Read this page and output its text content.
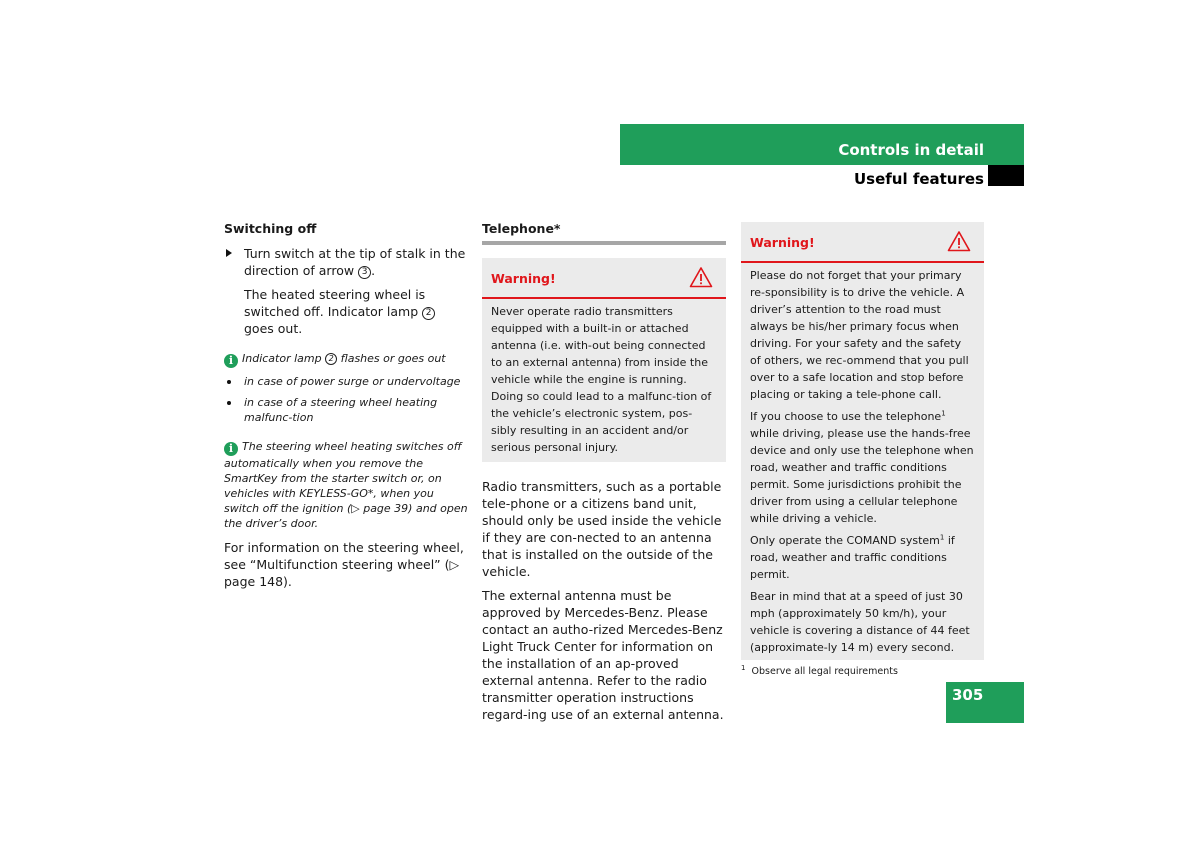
Controls in detail
Useful features
Switching off
Turn switch at the tip of stalk in the direction of arrow 3 .
The heated steering wheel is switched off. Indicator lamp 2 goes out.
i Indicator lamp 2 flashes or goes out
in case of power surge or undervoltage
in case of a steering wheel heating malfunc-tion
i The steering wheel heating switches off automatically when you remove the SmartKey from the starter switch or, on vehicles with KEYLESS-GO*, when you switch off the ignition (▷ page 39) and open the driver’s door.
For information on the steering wheel, see “Multifunction steering wheel” (▷ page 148).
Telephone*
Warning!
Never operate radio transmitters equipped with a built-in or attached antenna (i.e. with-out being connected to an external antenna) from inside the vehicle while the engine is running. Doing so could lead to a malfunc-tion of the vehicle’s electronic system, pos-sibly resulting in an accident and/or serious personal injury.
Radio transmitters, such as a portable tele-phone or a citizens band unit, should only be used inside the vehicle if they are con-nected to an antenna that is installed on the outside of the vehicle.
The external antenna must be approved by Mercedes-Benz. Please contact an autho-rized Mercedes-Benz Light Truck Center for information on the installation of an ap-proved external antenna. Refer to the radio transmitter operation instructions regard-ing use of an external antenna.
Warning!

Please do not forget that your primary re-sponsibility is to drive the vehicle. A driver’s attention to the road must always be his/her primary focus when driving. For your safety and the safety of others, we rec-ommend that you pull over to a safe location and stop before placing or taking a tele-phone call.

If you choose to use the telephone$^1$ while driving, please use the hands-free device and only use the telephone when road, weather and traffic conditions permit. Some jurisdictions prohibit the driver from using a cellular telephone while driving a vehicle.

Only operate the COMAND system$^1$ if road, weather and traffic conditions permit.

Bear in mind that at a speed of just 30 mph (approximately 50 km/h), your vehicle is covering a distance of 44 feet (approximate-ly 14 m) every second.

$^1$ Observe all legal requirements
305
